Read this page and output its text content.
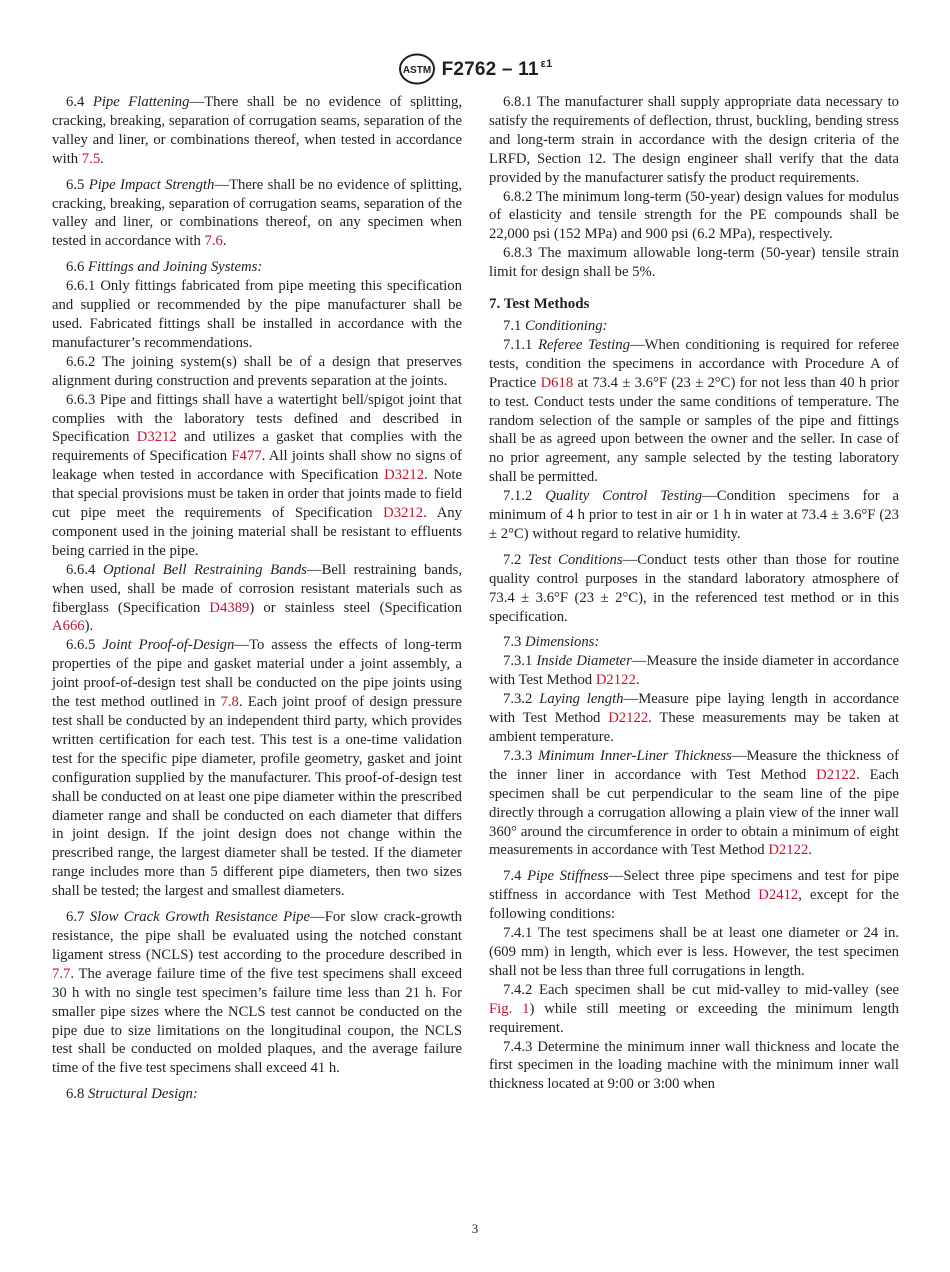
ASTM F2762 – 11 $^{\varepsilon 1}$

6.4 Pipe Flattening—There shall be no evidence of splitting, cracking, breaking, separation of corrugation seams, separation of the valley and liner, or combinations thereof, when tested in accordance with 7.5.

6.5 Pipe Impact Strength—There shall be no evidence of splitting, cracking, breaking, separation of corrugation seams, separation of the valley and liner, or combinations thereof, on any specimen when tested in accordance with 7.6.

6.6 Fittings and Joining Systems:

6.6.1 Only fittings fabricated from pipe meeting this specification and supplied or recommended by the pipe manufacturer shall be used. Fabricated fittings shall be installed in accordance with the manufacturer’s recommendations.

6.6.2 The joining system(s) shall be of a design that preserves alignment during construction and prevents separation at the joints.

6.6.3 Pipe and fittings shall have a watertight bell/spigot joint that complies with the laboratory tests defined and described in Specification D3212 and utilizes a gasket that complies with the requirements of Specification F477. All joints shall show no signs of leakage when tested in accordance with Specification D3212. Note that special provisions must be taken in order that joints made to field cut pipe meet the requirements of Specification D3212. Any component used in the joining material shall be resistant to effluents being carried in the pipe.

6.6.4 Optional Bell Restraining Bands—Bell restraining bands, when used, shall be made of corrosion resistant materials such as fiberglass (Specification D4389) or stainless steel (Specification A666).

6.6.5 Joint Proof-of-Design—To assess the effects of long-term properties of the pipe and gasket material under a joint assembly, a joint proof-of-design test shall be conducted on the pipe joints using the test method outlined in 7.8. Each joint proof of design pressure test shall be conducted by an independent third party, which provides written certification for each test. This test is a one-time validation test for the specific pipe diameter, profile geometry, gasket and joint configuration supplied by the manufacturer. This proof-of-design test shall be conducted on at least one pipe diameter within the prescribed diameter range and shall be conducted on each diameter that differs in joint design. If the joint design does not change within the prescribed range, the largest diameter shall be tested. If the diameter range includes more than 5 different pipe diameters, then two sizes shall be tested; the largest and smallest diameters.

6.7 Slow Crack Growth Resistance Pipe—For slow crack-growth resistance, the pipe shall be evaluated using the notched constant ligament stress (NCLS) test according to the procedure described in 7.7. The average failure time of the five test specimens shall exceed 30 h with no single test specimen’s failure time less than 21 h. For smaller pipe sizes where the NCLS test cannot be conducted on the pipe due to size limitations on the longitudinal coupon, the NCLS test shall be conducted on molded plaques, and the average failure time of the five test specimens shall exceed 41 h.

6.8 Structural Design:

6.8.1 The manufacturer shall supply appropriate data necessary to satisfy the requirements of deflection, thrust, buckling, bending stress and long-term strain in accordance with the design criteria of the LRFD, Section 12. The design engineer shall verify that the data provided by the manufacturer satisfy the product requirements.

6.8.2 The minimum long-term (50-year) design values for modulus of elasticity and tensile strength for the PE compounds shall be 22,000 psi (152 MPa) and 900 psi (6.2 MPa), respectively.

6.8.3 The maximum allowable long-term (50-year) tensile strain limit for design shall be 5%.

7. Test Methods

7.1 Conditioning:

7.1.1 Referee Testing—When conditioning is required for referee tests, condition the specimens in accordance with Procedure A of Practice D618 at 73.4 ± 3.6°F (23 ± 2°C) for not less than 40 h prior to test. Conduct tests under the same conditions of temperature. The random selection of the sample or samples of the pipe and fittings shall be as agreed upon between the owner and the seller. In case of no prior agreement, any sample selected by the testing laboratory shall be permitted.

7.1.2 Quality Control Testing—Condition specimens for a minimum of 4 h prior to test in air or 1 h in water at 73.4 ± 3.6°F (23 ± 2°C) without regard to relative humidity.

7.2 Test Conditions—Conduct tests other than those for routine quality control purposes in the standard laboratory atmosphere of 73.4 ± 3.6°F (23 ± 2°C), in the referenced test method or in this specification.

7.3 Dimensions:

7.3.1 Inside Diameter—Measure the inside diameter in accordance with Test Method D2122.

7.3.2 Laying length—Measure pipe laying length in accordance with Test Method D2122. These measurements may be taken at ambient temperature.

7.3.3 Minimum Inner-Liner Thickness—Measure the thickness of the inner liner in accordance with Test Method D2122. Each specimen shall be cut perpendicular to the seam line of the pipe directly through a corrugation allowing a plain view of the inner wall 360° around the circumference in order to obtain a minimum of eight measurements in accordance with Test Method D2122.

7.4 Pipe Stiffness—Select three pipe specimens and test for pipe stiffness in accordance with Test Method D2412, except for the following conditions:

7.4.1 The test specimens shall be at least one diameter or 24 in. (609 mm) in length, which ever is less. However, the test specimen shall not be less than three full corrugations in length.

7.4.2 Each specimen shall be cut mid-valley to mid-valley (see Fig. 1) while still meeting or exceeding the minimum length requirement.

7.4.3 Determine the minimum inner wall thickness and locate the first specimen in the loading machine with the minimum inner wall thickness located at 9:00 or 3:00 when

3
